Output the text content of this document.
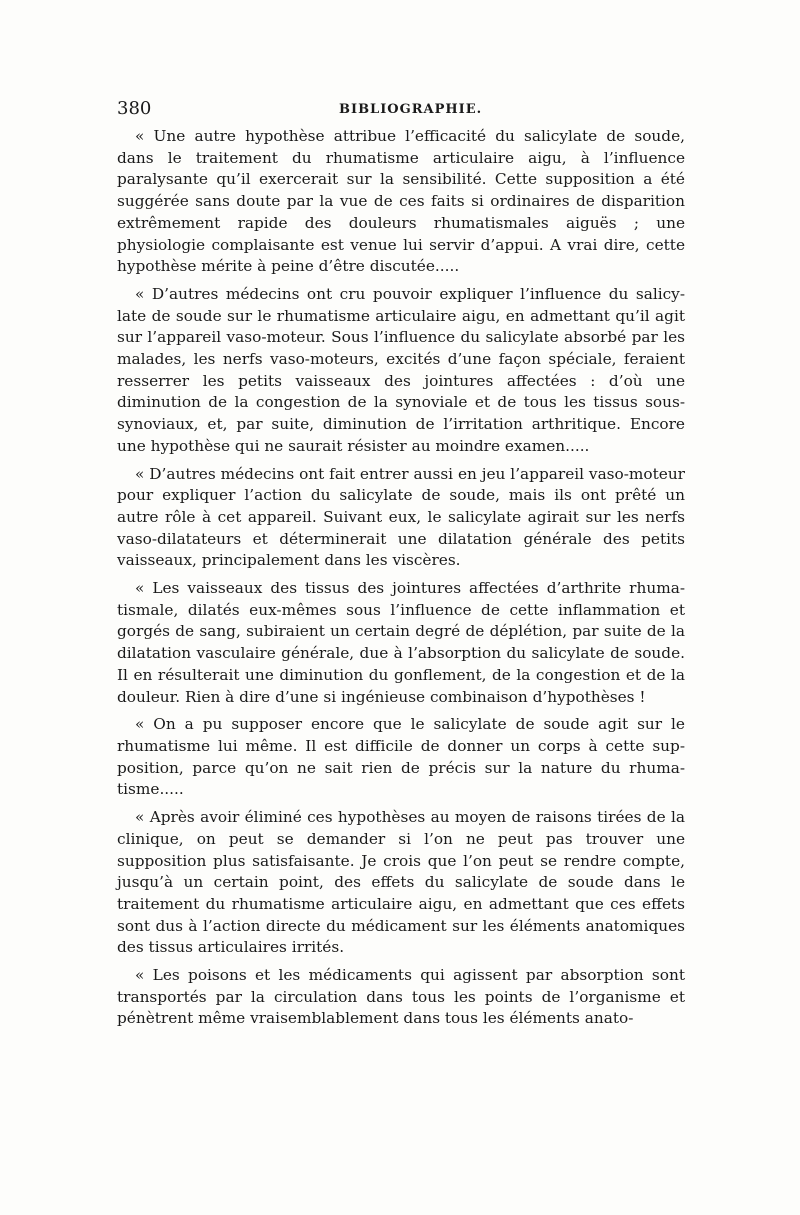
380	BIBLIOGRAPHIE.

« Une autre hypothèse attribue l’efficacité du salicylate de soude, dans le traitement du rhumatisme articulaire aigu, à l’influence paralysante qu’il exercerait sur la sensibilité. Cette supposition a été suggérée sans doute par la vue de ces faits si ordinaires de disparition extrêmement rapide des douleurs rhumatismales aiguës ; une physiologie complaisante est venue lui servir d’appui. A vrai dire, cette hypothèse mérite à peine d’être discutée.....

« D’autres médecins ont cru pouvoir expliquer l’influence du salicylate de soude sur le rhumatisme articulaire aigu, en admettant qu’il agit sur l’appareil vaso-moteur. Sous l’influence du salicylate absorbé par les malades, les nerfs vaso-moteurs, excités d’une façon spéciale, feraient resserrer les petits vaisseaux des jointures affectées : d’où une diminution de la congestion de la synoviale et de tous les tissus sous-synoviaux, et, par suite, diminution de l’irritation arthritique. Encore une hypothèse qui ne saurait résister au moindre examen.....

« D’autres médecins ont fait entrer aussi en jeu l’appareil vaso-moteur pour expliquer l’action du salicylate de soude, mais ils ont prêté un autre rôle à cet appareil. Suivant eux, le salicylate agirait sur les nerfs vaso-dilatateurs et déterminerait une dilatation générale des petits vaisseaux, principalement dans les viscères.

« Les vaisseaux des tissus des jointures affectées d’arthrite rhumatismale, dilatés eux-mêmes sous l’influence de cette inflammation et gorgés de sang, subiraient un certain degré de déplétion, par suite de la dilatation vasculaire générale, due à l’absorption du salicylate de soude. Il en résulterait une diminution du gonflement, de la congestion et de la douleur. Rien à dire d’une si ingénieuse combinaison d’hypothèses !

« On a pu supposer encore que le salicylate de soude agit sur le rhumatisme lui même. Il est difficile de donner un corps à cette supposition, parce qu’on ne sait rien de précis sur la nature du rhumatisme.....

« Après avoir éliminé ces hypothèses au moyen de raisons tirées de la clinique, on peut se demander si l’on ne peut pas trouver une supposition plus satisfaisante. Je crois que l’on peut se rendre compte, jusqu’à un certain point, des effets du salicylate de soude dans le traitement du rhumatisme articulaire aigu, en admettant que ces effets sont dus à l’action directe du médicament sur les éléments anatomiques des tissus articulaires irrités.

« Les poisons et les médicaments qui agissent par absorption sont transportés par la circulation dans tous les points de l’organisme et pénètrent même vraisemblablement dans tous les éléments anato-
